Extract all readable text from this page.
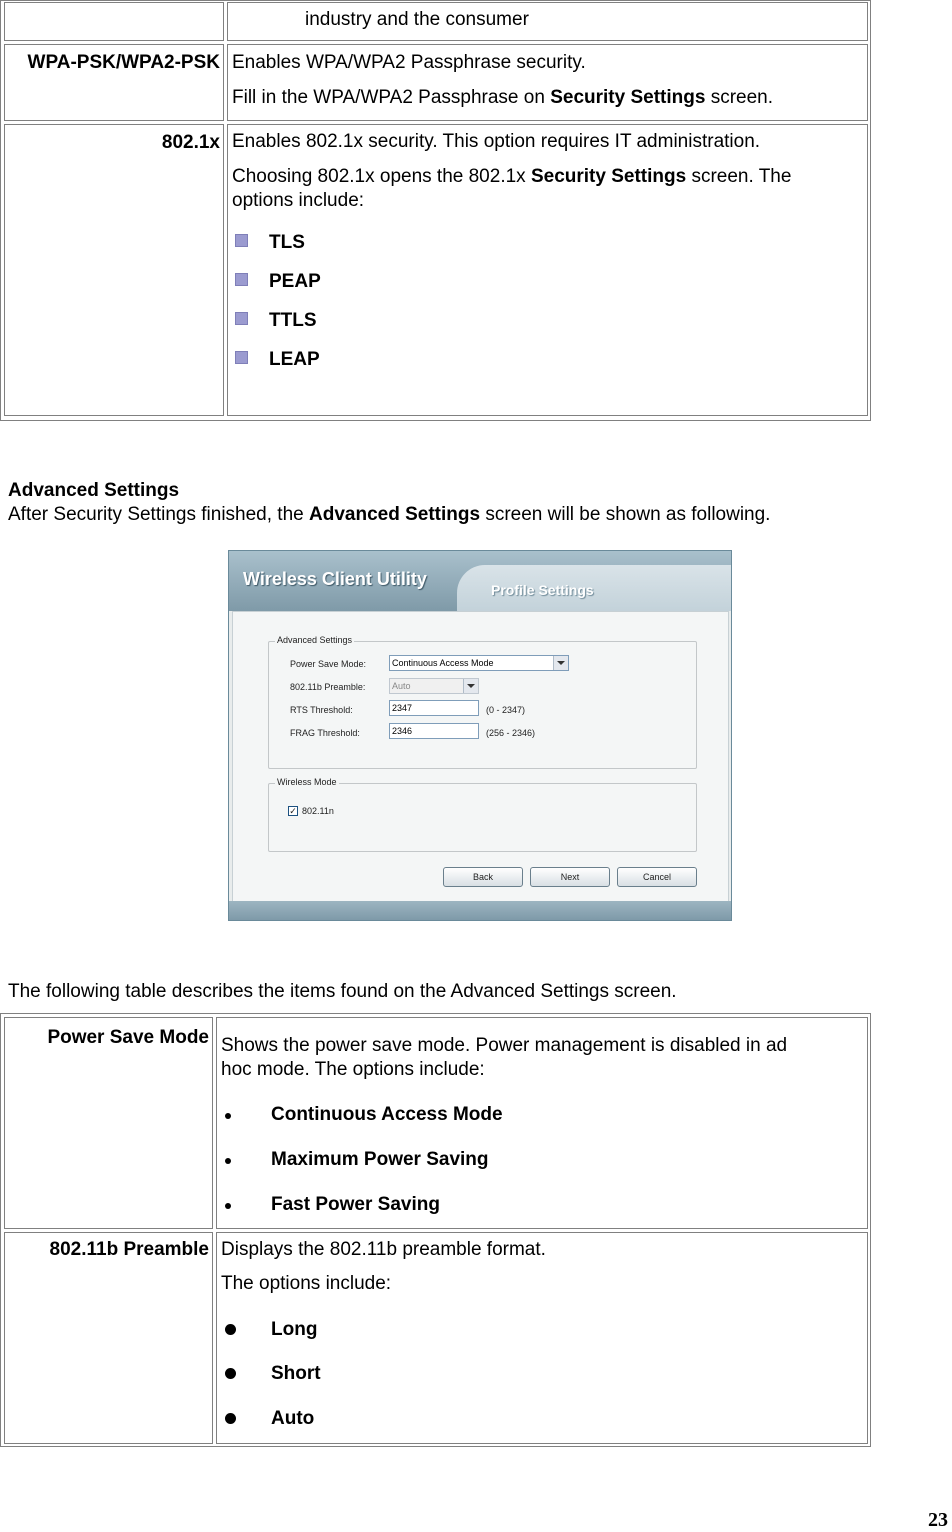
industry and the consumer
WPA-PSK/WPA2-PSK Enables WPA/WPA2 Passphrase security.
Fill in the WPA/WPA2 Passphrase on Security Settings screen.
802.1x Enables 802.1x security. This option requires IT administration.
Choosing 802.1x opens the 802.1x Security Settings screen. The
options include:
TLS
PEAP
TTLS
LEAP
Advanced Settings
After Security Settings finished, the Advanced Settings screen will be shown as following.
Wireless Client Utility
Profile Settings
Advanced Settings
Power Save Mode:	Continuous Access Mode
802.11b Preamble:	Auto
RTS Threshold:	2347	(0 - 2347)
FRAG Threshold:	2346	(256 - 2346)
Wireless Mode
✓ 802.11n
Back	Next	Cancel
The following table describes the items found on the Advanced Settings screen.
Power Save Mode Shows the power save mode. Power management is disabled in ad
hoc mode. The options include:
Continuous Access Mode
Maximum Power Saving
Fast Power Saving
802.11b Preamble Displays the 802.11b preamble format.
The options include:
Long
Short
Auto
23
